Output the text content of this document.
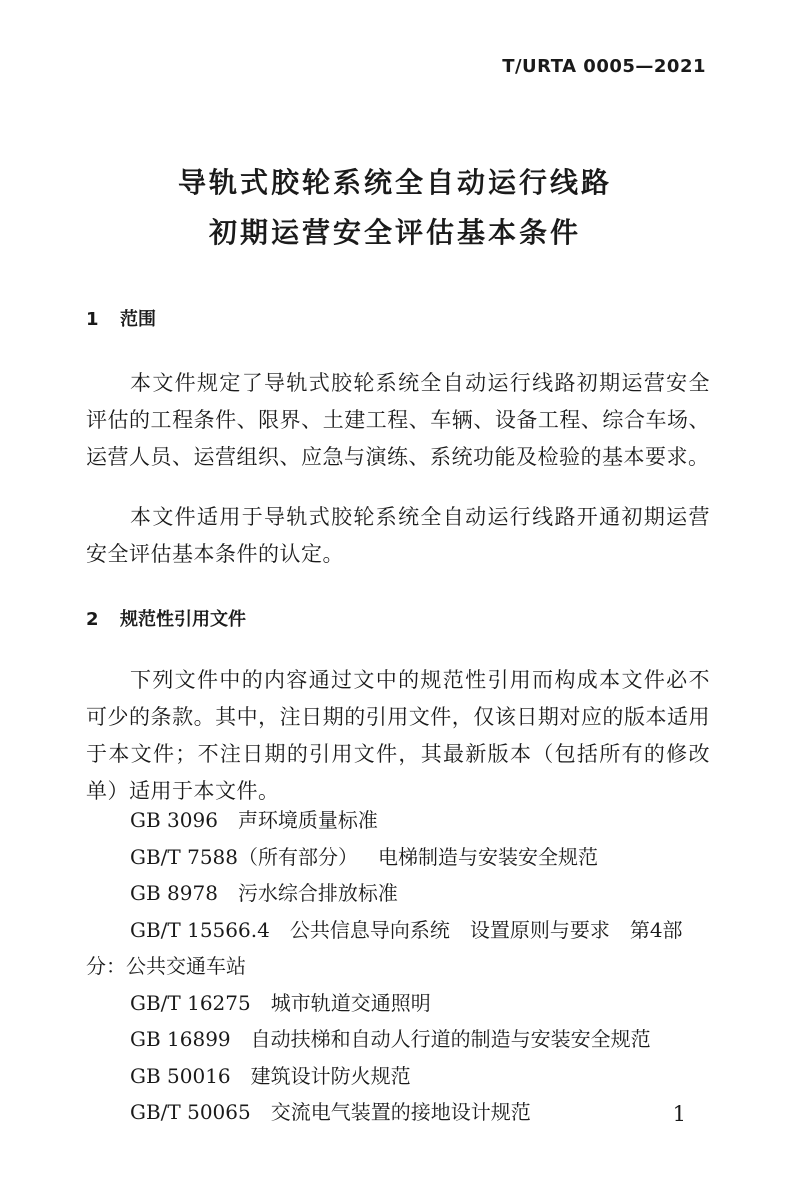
T/URTA 0005—2021
导轨式胶轮系统全自动运行线路
初期运营安全评估基本条件
1 范围
本文件规定了导轨式胶轮系统全自动运行线路初期运营安全评估的工程条件、限界、土建工程、车辆、设备工程、综合车场、运营人员、运营组织、应急与演练、系统功能及检验的基本要求。
本文件适用于导轨式胶轮系统全自动运行线路开通初期运营安全评估基本条件的认定。
2 规范性引用文件
下列文件中的内容通过文中的规范性引用而构成本文件必不可少的条款。其中，注日期的引用文件，仅该日期对应的版本适用于本文件；不注日期的引用文件，其最新版本（包括所有的修改单）适用于本文件。
GB 3096 声环境质量标准
GB/T 7588（所有部分） 电梯制造与安装安全规范
GB 8978 污水综合排放标准
GB/T 15566.4 公共信息导向系统　设置原则与要求　第4部分：公共交通车站
GB/T 16275 城市轨道交通照明
GB 16899 自动扶梯和自动人行道的制造与安装安全规范
GB 50016 建筑设计防火规范
GB/T 50065 交流电气装置的接地设计规范	1
